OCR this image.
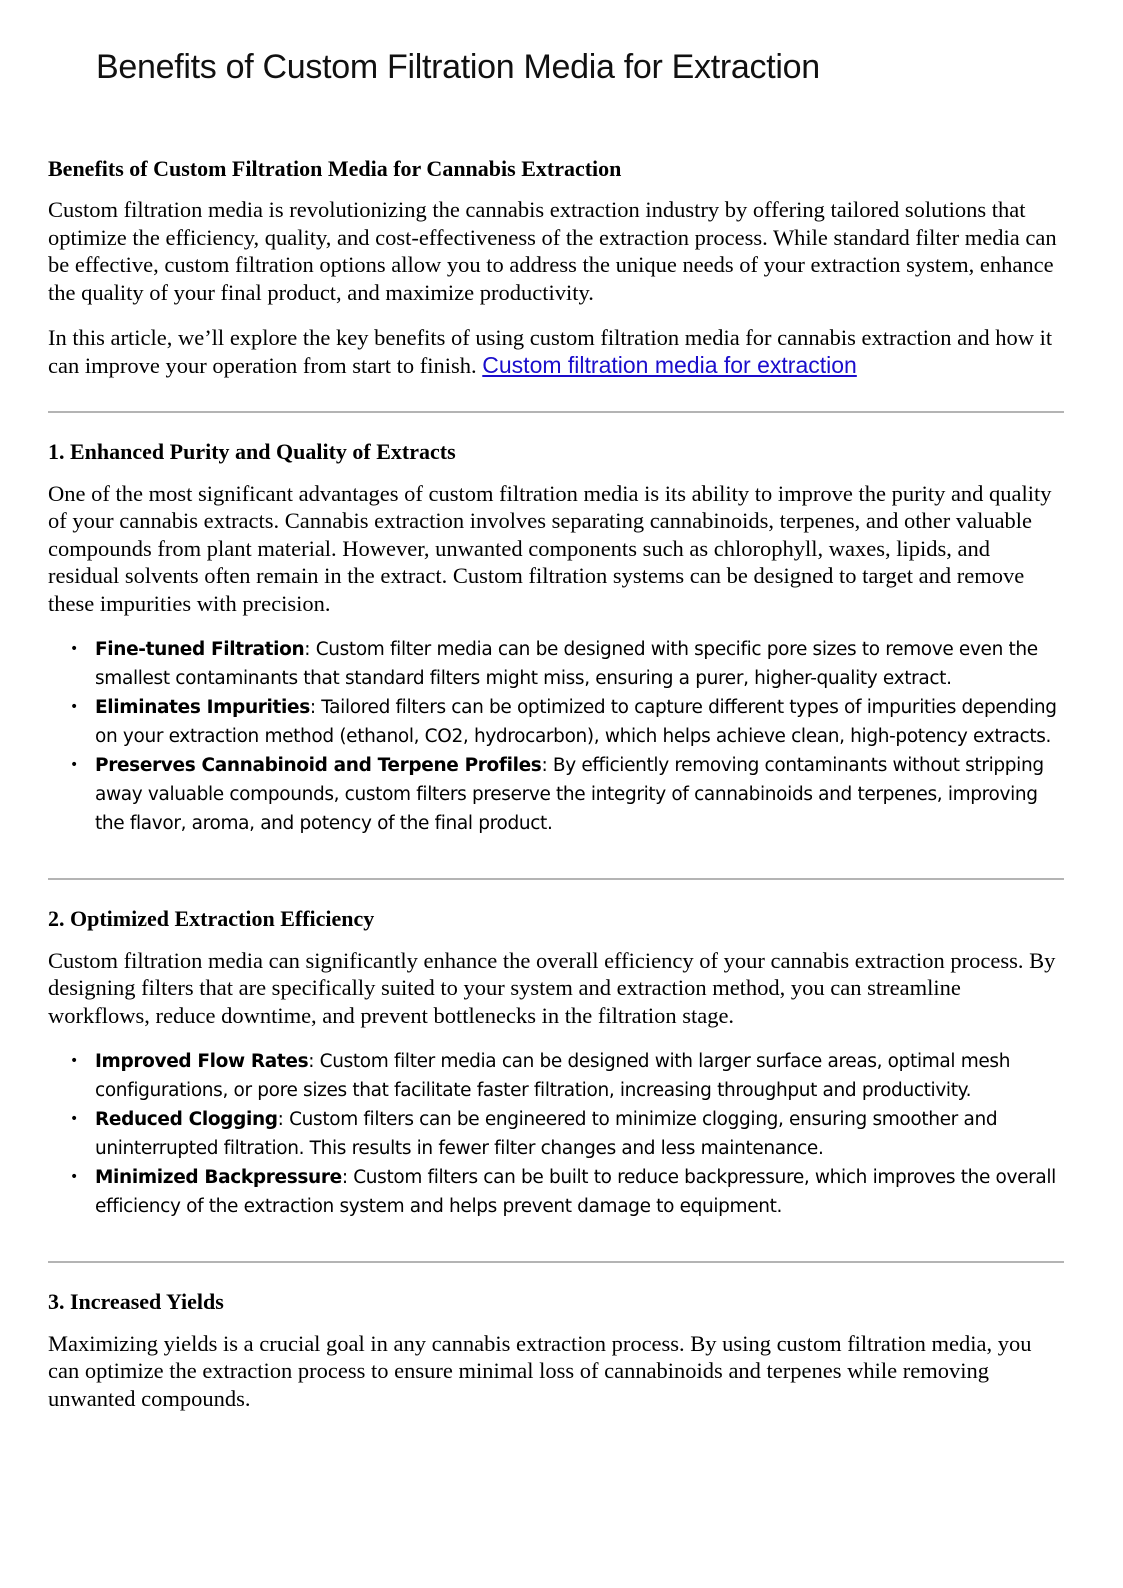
Benefits of Custom Filtration Media for Extraction
Benefits of Custom Filtration Media for Cannabis Extraction

Custom filtration media is revolutionizing the cannabis extraction industry by offering tailored solutions that optimize the efficiency, quality, and cost-effectiveness of the extraction process. While standard filter media can be effective, custom filtration options allow you to address the unique needs of your extraction system, enhance the quality of your final product, and maximize productivity.

In this article, we’ll explore the key benefits of using custom filtration media for cannabis extraction and how it can improve your operation from start to finish. Custom filtration media for extraction

1. Enhanced Purity and Quality of Extracts

One of the most significant advantages of custom filtration media is its ability to improve the purity and quality of your cannabis extracts. Cannabis extraction involves separating cannabinoids, terpenes, and other valuable compounds from plant material. However, unwanted components such as chlorophyll, waxes, lipids, and residual solvents often remain in the extract. Custom filtration systems can be designed to target and remove these impurities with precision.

• Fine-tuned Filtration: Custom filter media can be designed with specific pore sizes to remove even the smallest contaminants that standard filters might miss, ensuring a purer, higher-quality extract.
• Eliminates Impurities: Tailored filters can be optimized to capture different types of impurities depending on your extraction method (ethanol, CO2, hydrocarbon), which helps achieve clean, high-potency extracts.
• Preserves Cannabinoid and Terpene Profiles: By efficiently removing contaminants without stripping away valuable compounds, custom filters preserve the integrity of cannabinoids and terpenes, improving the flavor, aroma, and potency of the final product.
2. Optimized Extraction Efficiency

Custom filtration media can significantly enhance the overall efficiency of your cannabis extraction process. By designing filters that are specifically suited to your system and extraction method, you can streamline workflows, reduce downtime, and prevent bottlenecks in the filtration stage.

• Improved Flow Rates: Custom filter media can be designed with larger surface areas, optimal mesh configurations, or pore sizes that facilitate faster filtration, increasing throughput and productivity.
• Reduced Clogging: Custom filters can be engineered to minimize clogging, ensuring smoother and uninterrupted filtration. This results in fewer filter changes and less maintenance.
• Minimized Backpressure: Custom filters can be built to reduce backpressure, which improves the overall efficiency of the extraction system and helps prevent damage to equipment.
3. Increased Yields

Maximizing yields is a crucial goal in any cannabis extraction process. By using custom filtration media, you can optimize the extraction process to ensure minimal loss of cannabinoids and terpenes while removing unwanted compounds.
